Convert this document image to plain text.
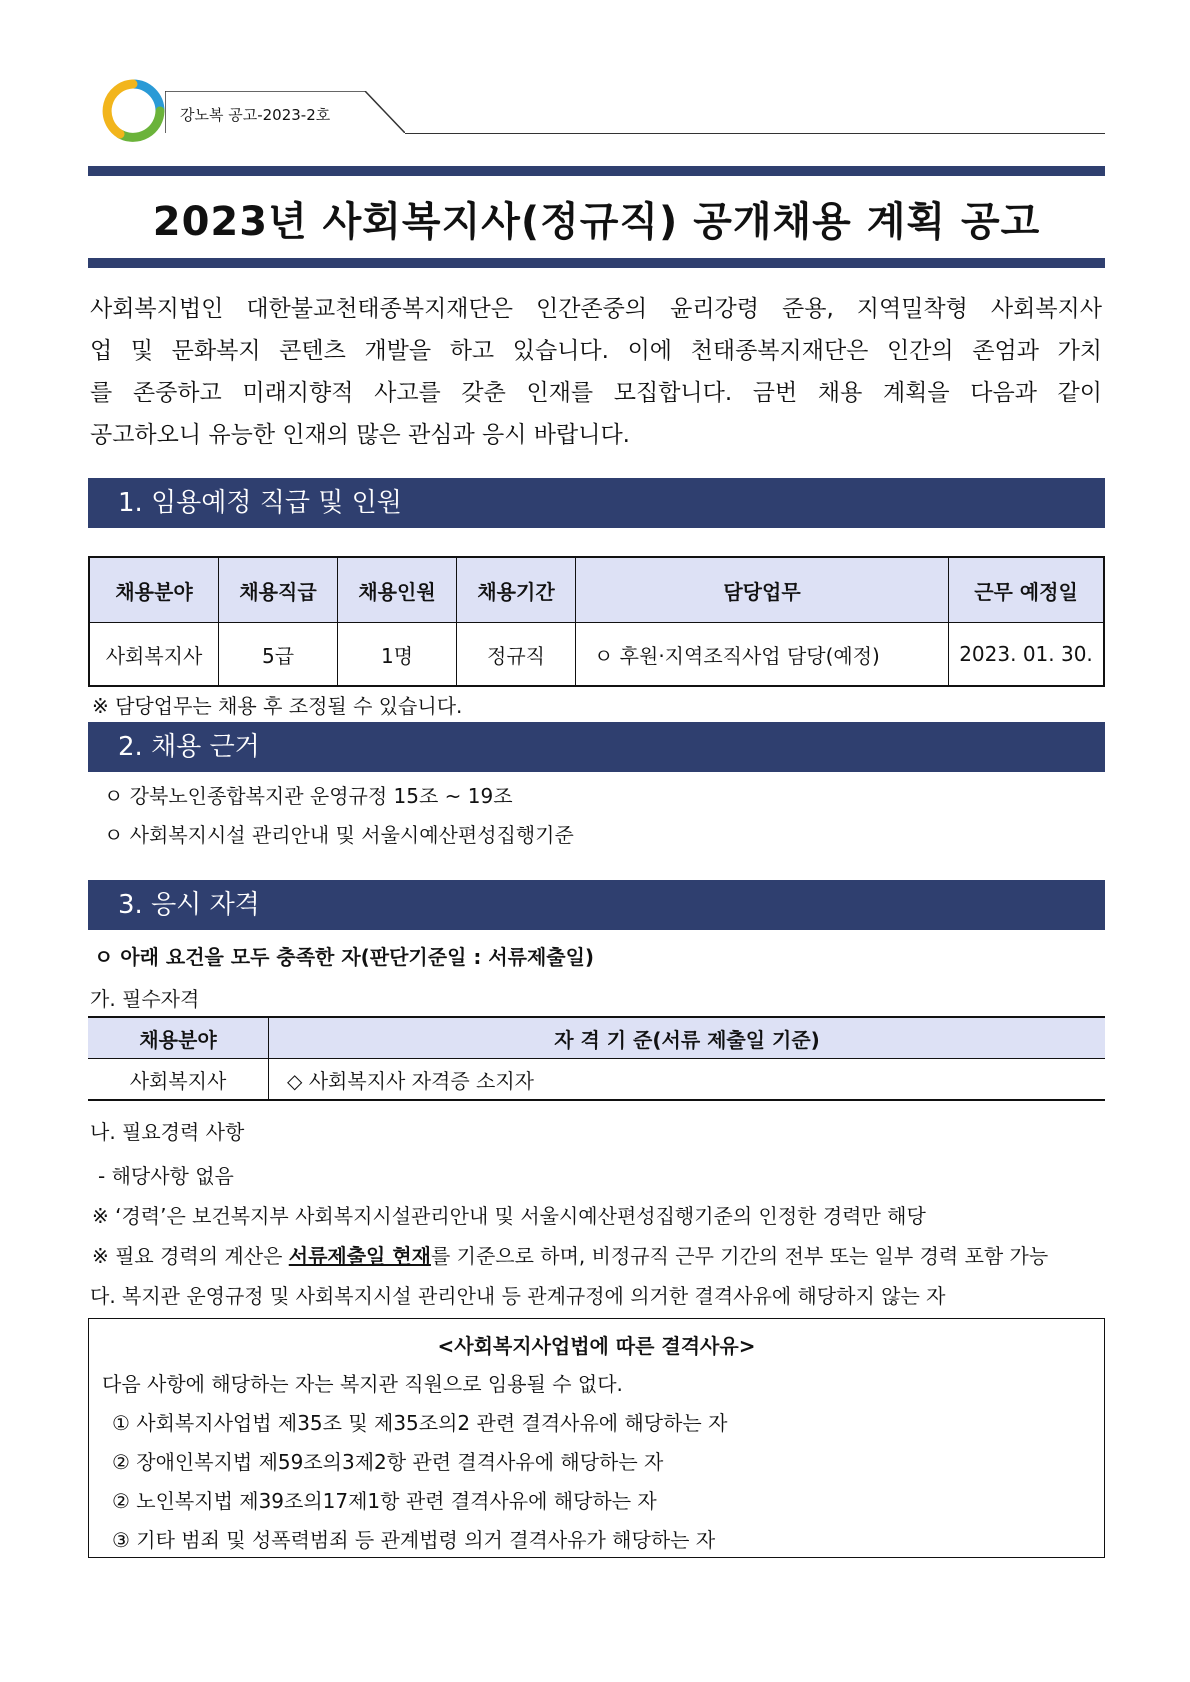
강노복 공고-2023-2호
2023년 사회복지사(정규직) 공개채용 계획 공고
사회복지법인 대한불교천태종복지재단은 인간존중의 윤리강령 준용, 지역밀착형 사회복지사
업 및 문화복지 콘텐츠 개발을 하고 있습니다. 이에 천태종복지재단은 인간의 존엄과 가치
를 존중하고 미래지향적 사고를 갖춘 인재를 모집합니다. 금번 채용 계획을 다음과 같이
공고하오니 유능한 인재의 많은 관심과 응시 바랍니다.
1. 임용예정 직급 및 인원
채용분야	채용직급	채용인원	채용기간	담당업무	근무 예정일
사회복지사	5급	1명	정규직	ㅇ 후원·지역조직사업 담당(예정)	2023. 01. 30.
※ 담당업무는 채용 후 조정될 수 있습니다.
2. 채용 근거
ㅇ 강북노인종합복지관 운영규정 15조 ~ 19조
ㅇ 사회복지시설 관리안내 및 서울시예산편성집행기준
3. 응시 자격
ㅇ 아래 요건을 모두 충족한 자(판단기준일 : 서류제출일)
가. 필수자격
채용분야	자 격 기 준(서류 제출일 기준)
사회복지사	◇ 사회복지사 자격증 소지자
나. 필요경력 사항
- 해당사항 없음
※ ‘경력’은 보건복지부 사회복지시설관리안내 및 서울시예산편성집행기준의 인정한 경력만 해당
※ 필요 경력의 계산은 서류제출일 현재를 기준으로 하며, 비정규직 근무 기간의 전부 또는 일부 경력 포함 가능
다. 복지관 운영규정 및 사회복지시설 관리안내 등 관계규정에 의거한 결격사유에 해당하지 않는 자
<사회복지사업법에 따른 결격사유>
다음 사항에 해당하는 자는 복지관 직원으로 임용될 수 없다.
① 사회복지사업법 제35조 및 제35조의2 관련 결격사유에 해당하는 자
② 장애인복지법 제59조의3제2항 관련 결격사유에 해당하는 자
② 노인복지법 제39조의17제1항 관련 결격사유에 해당하는 자
③ 기타 범죄 및 성폭력범죄 등 관계법령 의거 결격사유가 해당하는 자
